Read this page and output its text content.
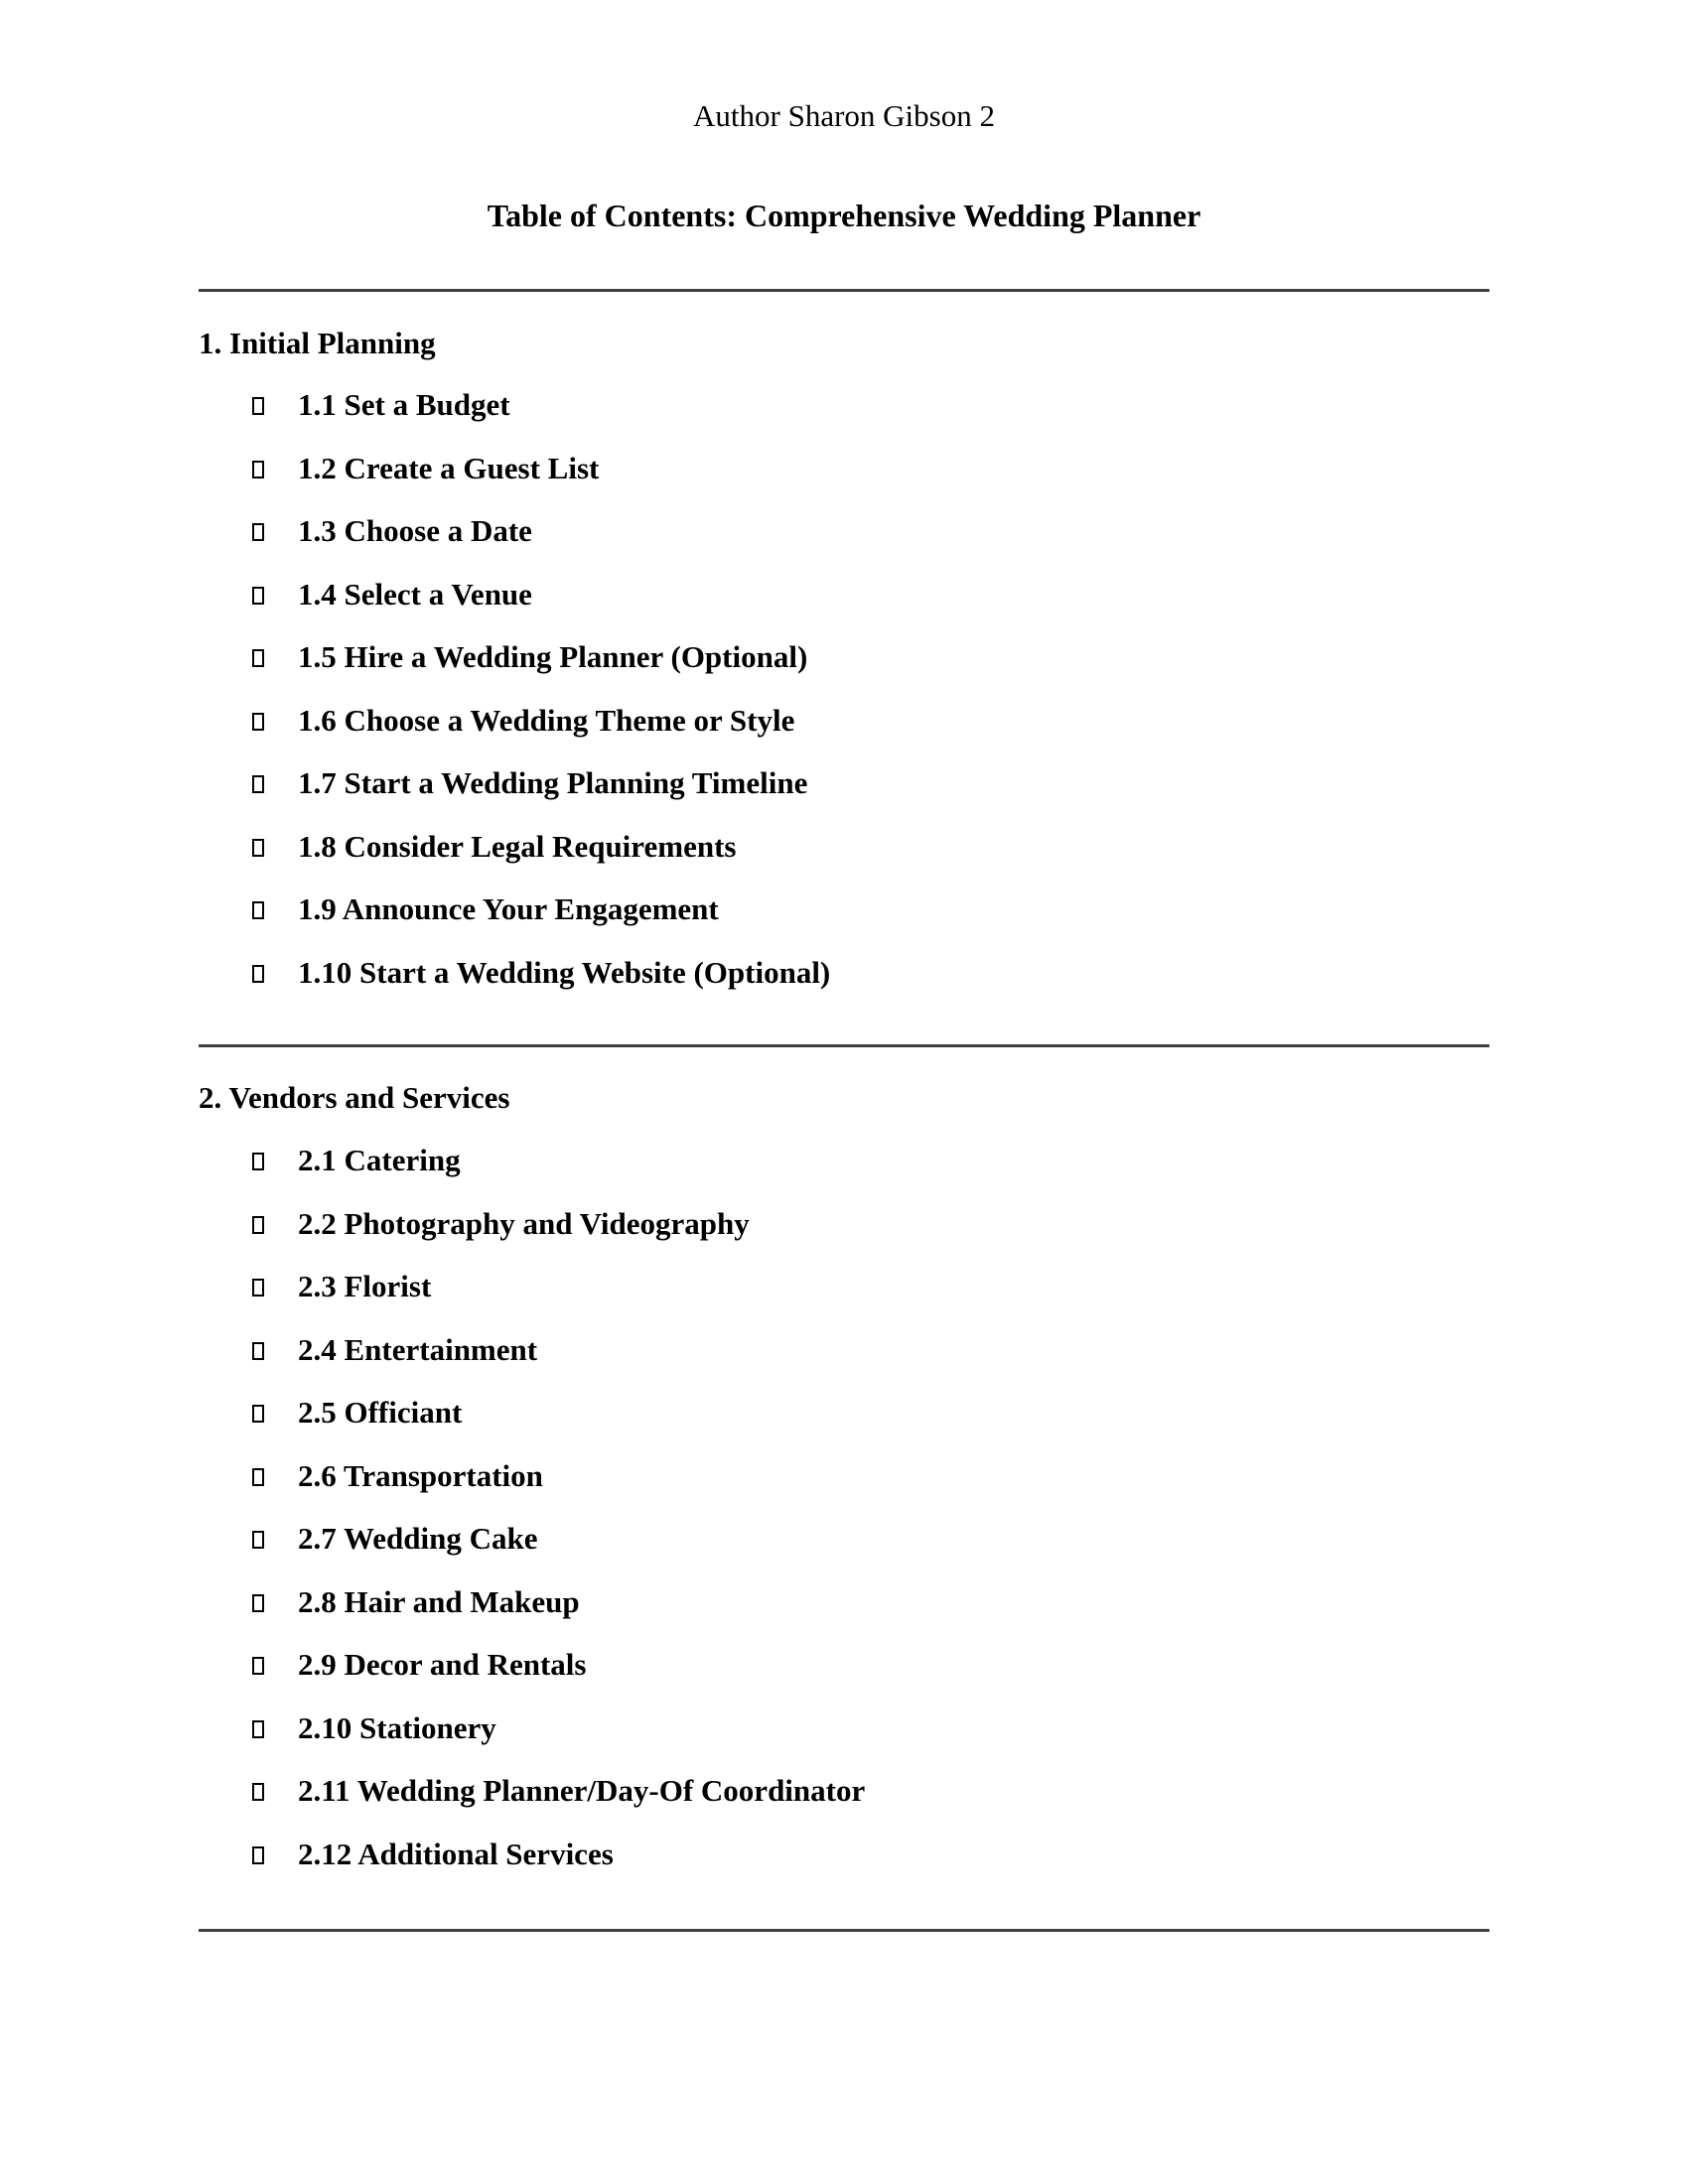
Author Sharon Gibson 2
Table of Contents: Comprehensive Wedding Planner
1. Initial Planning
1.1 Set a Budget
1.2 Create a Guest List
1.3 Choose a Date
1.4 Select a Venue
1.5 Hire a Wedding Planner (Optional)
1.6 Choose a Wedding Theme or Style
1.7 Start a Wedding Planning Timeline
1.8 Consider Legal Requirements
1.9 Announce Your Engagement
1.10 Start a Wedding Website (Optional)
2. Vendors and Services
2.1 Catering
2.2 Photography and Videography
2.3 Florist
2.4 Entertainment
2.5 Officiant
2.6 Transportation
2.7 Wedding Cake
2.8 Hair and Makeup
2.9 Decor and Rentals
2.10 Stationery
2.11 Wedding Planner/Day-Of Coordinator
2.12 Additional Services
